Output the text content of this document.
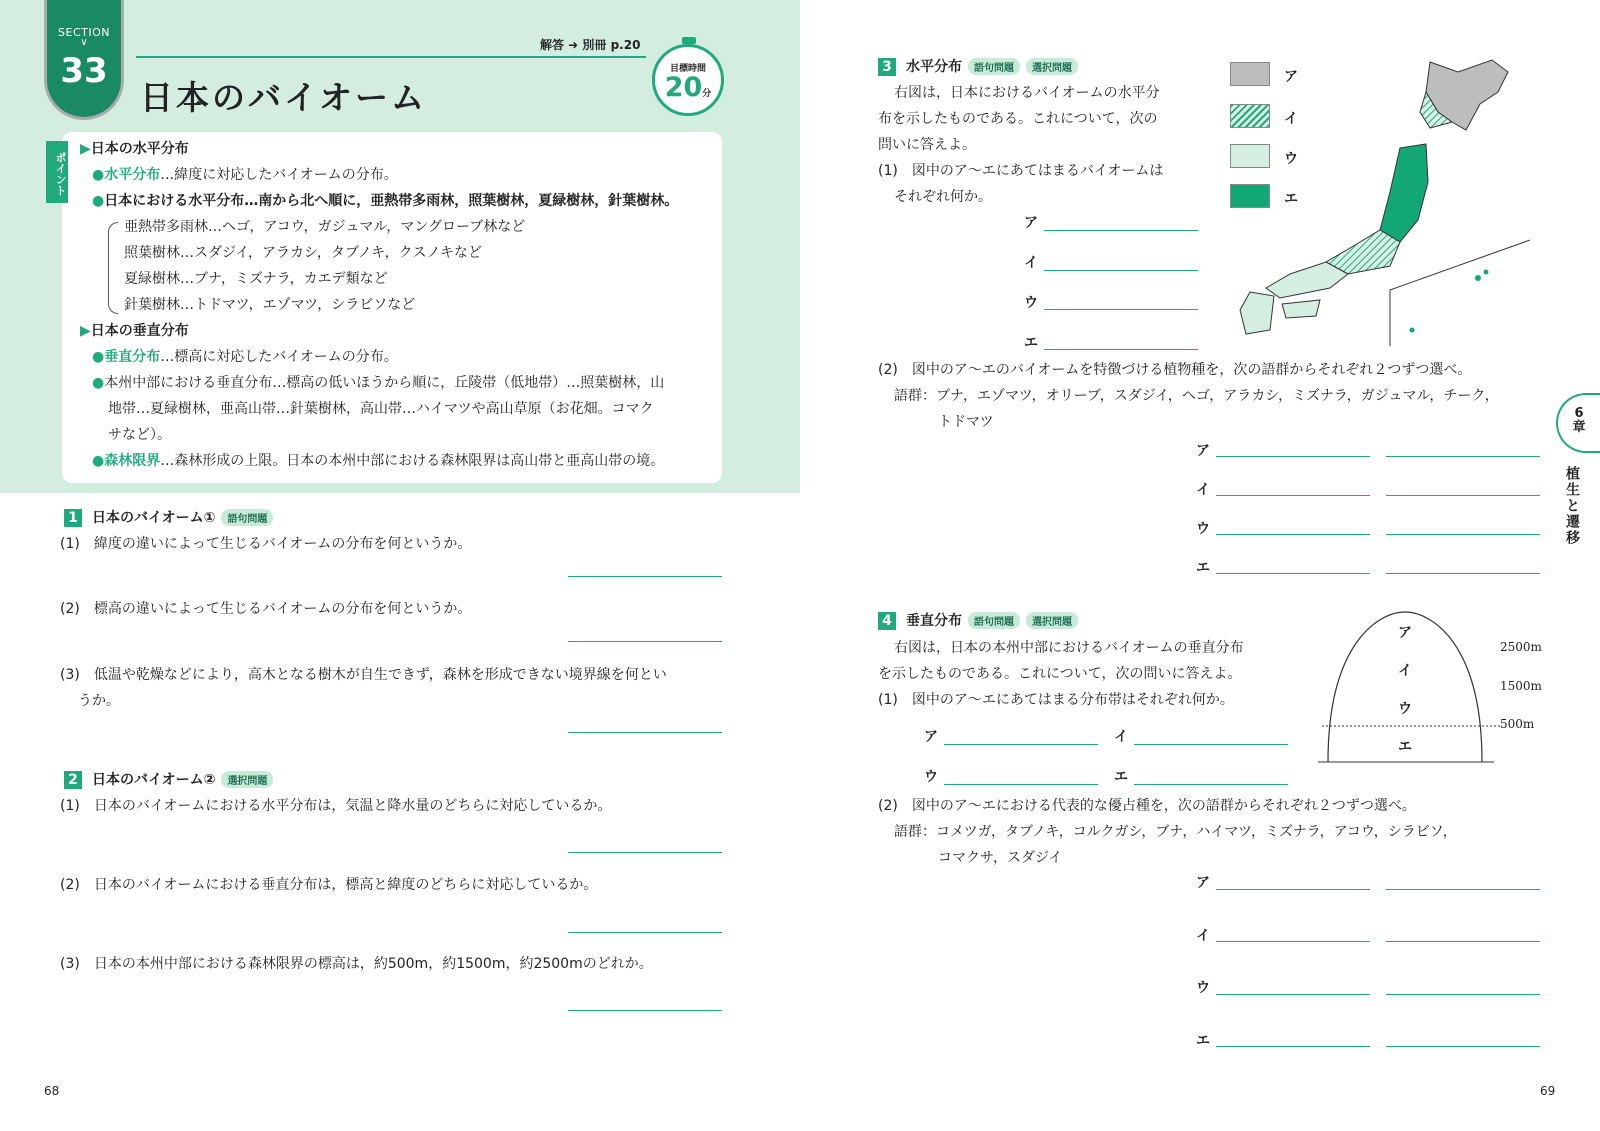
SECTION
∨
33
解答 ➜ 別冊 p.20
日本のバイオーム
目標時間
20分
ポイント
▶日本の水平分布
●水平分布…緯度に対応したバイオームの分布。
●日本における水平分布…南から北へ順に，亜熱帯多雨林，照葉樹林，夏緑樹林，針葉樹林。
亜熱帯多雨林…ヘゴ，アコウ，ガジュマル，マングローブ林など
照葉樹林…スダジイ，アラカシ，タブノキ，クスノキなど
夏緑樹林…ブナ，ミズナラ，カエデ類など
針葉樹林…トドマツ，エゾマツ，シラビソなど
▶日本の垂直分布
●垂直分布…標高に対応したバイオームの分布。
●本州中部における垂直分布…標高の低いほうから順に，丘陵帯（低地帯）…照葉樹林，山
地帯…夏緑樹林，亜高山帯…針葉樹林，高山帯…ハイマツや高山草原（お花畑。コマク
サなど）。
●森林限界…森林形成の上限。日本の本州中部における森林限界は高山帯と亜高山帯の境。
1 日本のバイオーム① 語句問題
(1)　緯度の違いによって生じるバイオームの分布を何というか。
(2)　標高の違いによって生じるバイオームの分布を何というか。
(3)　低温や乾燥などにより，高木となる樹木が自生できず，森林を形成できない境界線を何とい
うか。
2 日本のバイオーム② 選択問題
(1)　日本のバイオームにおける水平分布は，気温と降水量のどちらに対応しているか。
(2)　日本のバイオームにおける垂直分布は，標高と緯度のどちらに対応しているか。
(3)　日本の本州中部における森林限界の標高は，約500m，約1500m，約2500mのどれか。
68
3 水平分布 語句問題 選択問題
右図は，日本におけるバイオームの水平分
布を示したものである。これについて，次の
問いに答えよ。
(1)　図中のア～エにあてはまるバイオームは
それぞれ何か。
ア
イ
ウ
エ
ア
イ
ウ
エ
(2)　図中のア～エのバイオームを特徴づける植物種を，次の語群からそれぞれ２つずつ選べ。
語群：ブナ，エゾマツ，オリーブ，スダジイ，ヘゴ，アラカシ，ミズナラ，ガジュマル，チーク，
トドマツ
ア
イ
ウ
エ
6
章
植生と遷移
4 垂直分布 語句問題 選択問題
右図は，日本の本州中部におけるバイオームの垂直分布
を示したものである。これについて，次の問いに答えよ。
(1)　図中のア～エにあてはまる分布帯はそれぞれ何か。
ア	イ
ウ	エ
ア
イ
ウ
エ
2500m
1500m
500m
(2)　図中のア～エにおける代表的な優占種を，次の語群からそれぞれ２つずつ選べ。
語群：コメツガ，タブノキ，コルクガシ，ブナ，ハイマツ，ミズナラ，アコウ，シラビソ，
コマクサ，スダジイ
ア
イ
ウ
エ
69
